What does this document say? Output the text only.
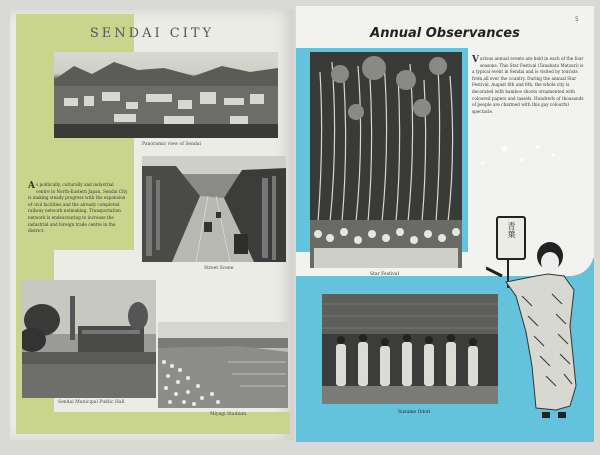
SENDAI CITY
Panoramic view of Sendai
As politically, culturally and industrial centre in North-Eastern Japan, Sendai City is making steady progress with the expansion of civil facilities and the already completed railway network netmaking. Transportation network is endeavouring to increase the industrial and foreign trade centre in the district.
Street Scene
Sendai Municipal Public Hall
Miyagi Stadium
Annual Observances
5
Star Festival
Various annual events are held in each of the four seasons. This Star Festival (Tanabata Matsuri) is a typical event in Sendai and is visited by tourists from all over the country. During the annual Star Festival, August 6th and 8th, the whole city is decorated with bamboo shoots ornamented with coloured papers and tassels. Hundreds of thousands of people are charmed with this gay colourful spectacle.
★
★
★
★
★
Suzume Odori
青葉
